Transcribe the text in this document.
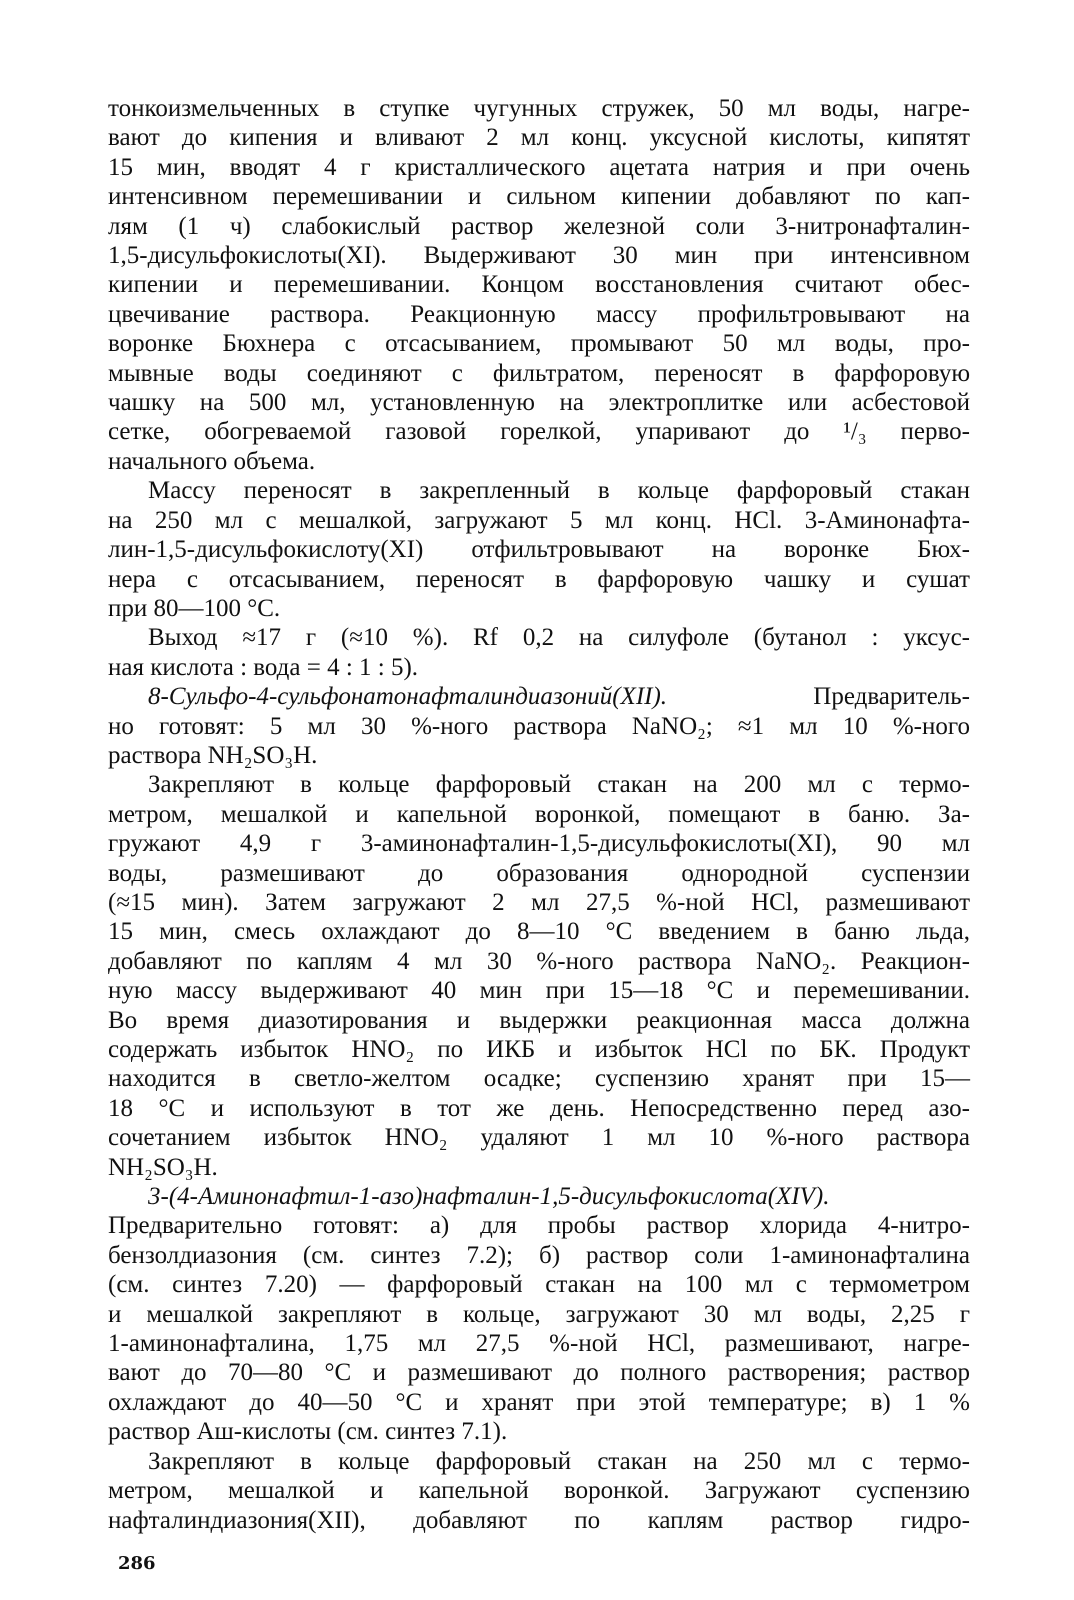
тонкоизмельченных в ступке чугунных стружек, 50 мл воды, нагре-
вают до кипения и вливают 2 мл конц. уксусной кислоты, кипятят
15 мин, вводят 4 г кристаллического ацетата натрия и при очень
интенсивном перемешивании и сильном кипении добавляют по кап-
лям (1 ч) слабокислый раствор железной соли 3-нитронафталин-
1,5-дисульфокислоты(XI). Выдерживают 30 мин при интенсивном
кипении и перемешивании. Концом восстановления считают обес-
цвечивание раствора. Реакционную массу профильтровывают на
воронке Бюхнера с отсасыванием, промывают 50 мл воды, про-
мывные воды соединяют с фильтратом, переносят в фарфоровую
чашку на 500 мл, установленную на электроплитке или асбестовой
сетке, обогреваемой газовой горелкой, упаривают до ¹/₃ перво-
начального объема.

Массу переносят в закрепленный в кольце фарфоровый стакан
на 250 мл с мешалкой, загружают 5 мл конц. HCl. 3-Аминонафта-
лин-1,5-дисульфокислоту(XI) отфильтровывают на воронке Бюх-
нера с отсасыванием, переносят в фарфоровую чашку и сушат
при 80—100 °С.

Выход ≈17 г (≈10 %). Rf 0,2 на силуфоле (бутанол : уксус-
ная кислота : вода = 4 : 1 : 5).

8-Сульфо-4-сульфонатонафталиндиазоний(XII).	Предваритель-
но готовят: 5 мл 30 %-ного раствора NaNO₂; ≈1 мл 10 %-ного
раствора NH₂SO₃H.

Закрепляют в кольце фарфоровый стакан на 200 мл с термо-
метром, мешалкой и капельной воронкой, помещают в баню. За-
гружают 4,9 г 3-аминонафталин-1,5-дисульфокислоты(XI), 90 мл
воды, размешивают до образования однородной суспензии
(≈15 мин). Затем загружают 2 мл 27,5 %-ной HCl, размешивают
15 мин, смесь охлаждают до 8—10 °С введением в баню льда,
добавляют по каплям 4 мл 30 %-ного раствора NaNO₂. Реакцион-
ную массу выдерживают 40 мин при 15—18 °С и перемешивании.
Во время диазотирования и выдержки реакционная масса должна
содержать избыток HNO₂ по ИКБ и избыток HCl по БК. Продукт
находится в светло-желтом осадке; суспензию хранят при 15—
18 °С и используют в тот же день. Непосредственно перед азо-
сочетанием избыток HNO₂ удаляют 1 мл 10 %-ного раствора
NH₂SO₃H.

3-(4-Аминонафтил-1-азо)нафталин-1,5-дисульфокислота(XIV).
Предварительно готовят: а) для пробы раствор хлорида 4-нитро-
бензолдиазония (см. синтез 7.2); б) раствор соли 1-аминонафталина
(см. синтез 7.20) — фарфоровый стакан на 100 мл с термометром
и мешалкой закрепляют в кольце, загружают 30 мл воды, 2,25 г
1-аминонафталина, 1,75 мл 27,5 %-ной HCl, размешивают, нагре-
вают до 70—80 °С и размешивают до полного растворения; раствор
охлаждают до 40—50 °С и хранят при этой температуре; в) 1 %
раствор Аш-кислоты (см. синтез 7.1).

Закрепляют в кольце фарфоровый стакан на 250 мл с термо-
метром, мешалкой и капельной воронкой. Загружают суспензию
нафталиндиазония(XII), добавляют по каплям раствор гидро-

286
